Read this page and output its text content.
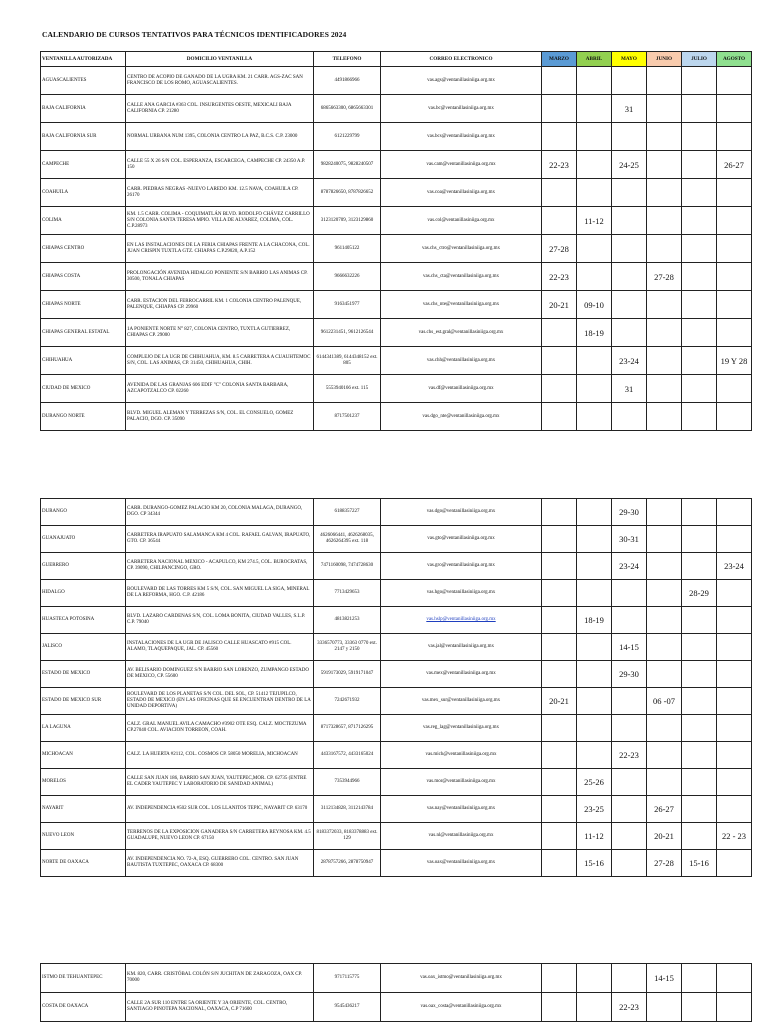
CALENDARIO DE CURSOS TENTATIVOS PARA TÉCNICOS IDENTIFICADORES 2024
VENTANILLA AUTORIZADA	DOMICILIO VENTANILLA	TELEFONO	CORREO ELECTRONICO	MARZO	ABRIL	MAYO	JUNIO	JULIO	AGOSTO
AGUASCALIENTES	CENTRO DE ACOPIO DE GANADO DE LA UGRA KM. 21 CARR. AGS-ZAC SAN FRANCISCO DE LOS ROMO, AGUASCALIENTES.	4491866966	vas.ags@ventanillasiniiga.org.mx						
BAJA CALIFORNIA	CALLE ANA GARCIA #363 COL. INSURGENTES OESTE, MEXICALI BAJA CALIFORNIA CP. 21280	6865663300, 6865663301	vas.bc@ventanillasiniiga.org.mx			31			
BAJA CALIFORNIA SUR	NORMAL URBANA NUM 1395, COLONIA CENTRO LA PAZ, B.C.S. C.P. 23000	6121229799	vas.bcs@ventanillasiniiga.org.mx						
CAMPECHE	CALLE 55 X 26 S/N COL. ESPERANZA, ESCARCEGA, CAMPECHE CP. 24350 A.P. 150	9828240075, 9828240507	vas.cam@ventanillasiniiga.org.mx	22-23		24-25			26-27
COAHUILA	CARR. PIEDRAS NEGRAS -NUEVO LAREDO KM. 12.5 NAVA, COAHUILA CP. 26170	8787826650, 8787826652	vas.coa@ventanillasiniiga.org.mx						
COLIMA	KM. 1.5 CARR. COLIMA - COQUIMATLÁN BLVD. RODOLFO CHÁVEZ CARRILLO S/N COLONIA SANTA TERESA MPIO. VILLA DE ALVAREZ, COLIMA, COL. C.P.28973	3123120709, 3123129860	vas.col@ventanillasiniiga.org.mx		11-12				
CHIAPAS CENTRO	EN LAS INSTALACIONES DE LA FERIA CHIAPAS FRENTE A LA CHACONA, COL. JUAN CRISPIN TUXTLA GTZ. CHIAPAS C.P.29020, A.P.152	9611405122	vas.chs_ctro@ventanillasiniiga.org.mx	27-28					
CHIAPAS COSTA	PROLONGACIÓN AVENIDA HIDALGO PONIENTE S/N BARRIO LAS ANIMAS CP. 30500, TONALA CHIAPAS	9666632226	vas.chs_cta@ventanillasiniiga.org.mx	22-23			27-28		
CHIAPAS NORTE	CARR. ESTACION DEL FERROCARRIL KM. 1 COLONIA CENTRO PALENQUE, PALENQUE, CHIAPAS CP. 29960	9163451977	vas.chs_nte@ventanillasiniiga.org.mx	20-21	09-10				
CHIAPAS GENERAL ESTATAL	1A PONIENTE NORTE N° 827, COLONIA CENTRO, TUXTLA GUTIERREZ, CHIAPAS CP. 29000	9612231451, 9612126544	vas.chs_est.gral@ventanillasiniiga.org.mx		18-19				
CHIHUAHUA	COMPLEJO DE LA UGR DE CHIHUAHUA, KM. 8.5 CARRETERA A CUAUHTEMOC S/N, COL. LAS ANIMAS, CP. 31450, CHIHUAHUA, CHIH.	6144341389, 6144348152 ext. 805	vas.chh@ventanillasiniiga.org.mx			23-24			19 Y 28
CIUDAD DE MEXICO	AVENIDA DE LAS GRANJAS 606 EDIF "C" COLONIA SANTA BARBARA, AZCAPOTZALCO CP. 02260	5553940166 ext. 115	vas.df@ventanillasiniiga.org.mx			31			
DURANGO NORTE	BLVD. MIGUEL ALEMAN Y TERREZAS S/N, COL. EL CONSUELO, GOMEZ PALACIO, DGO. CP. 35090	8717501237	vas.dgo_nte@ventanillasiniiga.org.mx						
DURANGO	CARR. DURANGO-GOMEZ PALACIO KM 20, COLONIA MALAGA, DURANGO, DGO. CP 34344	6188357227	vas.dgo@ventanillasiniiga.org.mx			29-30			
GUANAJUATO	CARRETERA IRAPUATO SALAMANCA KM 4 COL. RAFAEL GALVAN, IRAPUATO, GTO. CP. 36544	4626066441, 4626268035, 4626264395 ext. 118	vas.gto@ventanillasiniiga.org.mx			30-31			
GUERRERO	CARRETERA NACIONAL MEXICO - ACAPULCO, KM 274.5, COL. BUROCRATAS, CP. 39090, CHILPANCINGO, GRO.	7471160098, 7474728630	vas.gro@ventanillasiniiga.org.mx			23-24			23-24
HIDALGO	BOULEVARD DE LAS TORRES KM 5 S/N, COL. SAN MIGUEL LA SIGA, MINERAL DE LA REFORMA, HGO. C.P. 42186	7713429653	vas.hgo@ventanillasiniiga.org.mx					28-29	
HUASTECA POTOSINA	BLVD. LAZARO CARDENAS S/N, COL. LOMA BONITA, CIUDAD VALLES, S.L.P. C.P. 79040	4813821253	vas.hslp@ventanillasiniiga.org.mx		18-19				
JALISCO	INSTALACIONES DE LA UGR DE JALISCO CALLE HUASCATO #915 COL. ALAMO, TLAQUEPAQUE, JAL. CP. 45560	3336570773, 33363 0770 ext. 2147 y 2150	vas.jal@ventanillasiniiga.org.mx			14-15			
ESTADO DE MEXICO	AV. BELISARIO DOMINGUEZ S/N BARRIO SAN LORENZO, ZUMPANGO ESTADO DE MEXICO, CP. 55600	5919173029, 5919171047	vas.mex@ventanillasiniiga.org.mx			29-30			
ESTADO DE MEXICO SUR	BOULEVARD DE LOS PLANETAS S/N COL. DEL SOL, CP. 51412 TEJUPILCO, ESTADO DE MEXICO (EN LAS OFICINAS QUE SE ENCUENTRAN DENTRO DE LA UNIDAD DEPORTIVA)	7242671932	vas.mex_sur@ventanillasiniiga.org.mx	20-21			06 -07		
LA LAGUNA	CALZ. GRAL MANUEL AVILA CAMACHO #3902 OTE ESQ. CALZ. MOCTEZUMA CP.27040 COL. AVIACION TORREON, COAH.	8717328657, 8717126295	vas.reg_lag@ventanillasiniiga.org.mx						
MICHOACAN	CALZ. LA HUERTA #2112, COL. COSMOS CP. 58050 MORELIA, MICHOACAN	4433167572, 4433165024	vas.mich@ventanillasiniiga.org.mx			22-23			
MORELOS	CALLE SAN JUAN 186, BARRIO SAN JUAN, YAUTEPEC,MOR. CP. 62735 (ENTRE EL CADER YAUTEPEC Y LABORATORIO DE SANIDAD ANIMAL)	7353944966	vas.mor@ventanillasiniiga.org.mx		25-26				
NAYARIT	AV. INDEPENDENCIA #502 SUR COL. LOS LLANITOS TEPIC, NAYARIT CP. 63170	3112134828, 3112143784	vas.nay@ventanillasiniiga.org.mx		23-25		26-27		
NUEVO LEON	TERRENOS DE LA EXPOSICION GANADERA S/N CARRETERA REYNOSA KM. 4.5 GUADALUPE, NUEVO LEON CP. 67150	8183372033, 8183378883 ext. 129	vas.nl@ventanillasiniiga.org.mx		11-12		20-21		22 - 23
NORTE DE OAXACA	AV. INDEPENDENCIA NO. 72-A, ESQ. GUERRERO COL. CENTRO. SAN JUAN BAUTISTA TUXTEPEC, OAXACA CP. 68300	2878757266, 2878750947	vas.oax@ventanillasiniiga.org.mx		15-16		27-28	15-16	
ISTMO DE TEHUANTEPEC	KM. 820, CARR. CRISTÓBAL COLÓN S/N JUCHITAN DE ZARAGOZA, OAX CP. 70000	9717115775	vas.oax_istmo@ventanillasiniiga.org.mx				14-15		
COSTA DE OAXACA	CALLE 2A SUR 110 ENTRE 5A ORIENTE Y 3A ORIENTE, COL. CENTRO, SANTIAGO PINOTEPA NACIONAL, OAXACA, C.P 71600	9545436217	vas.oax_costa@ventanillasiniiga.org.mx			22-23			
